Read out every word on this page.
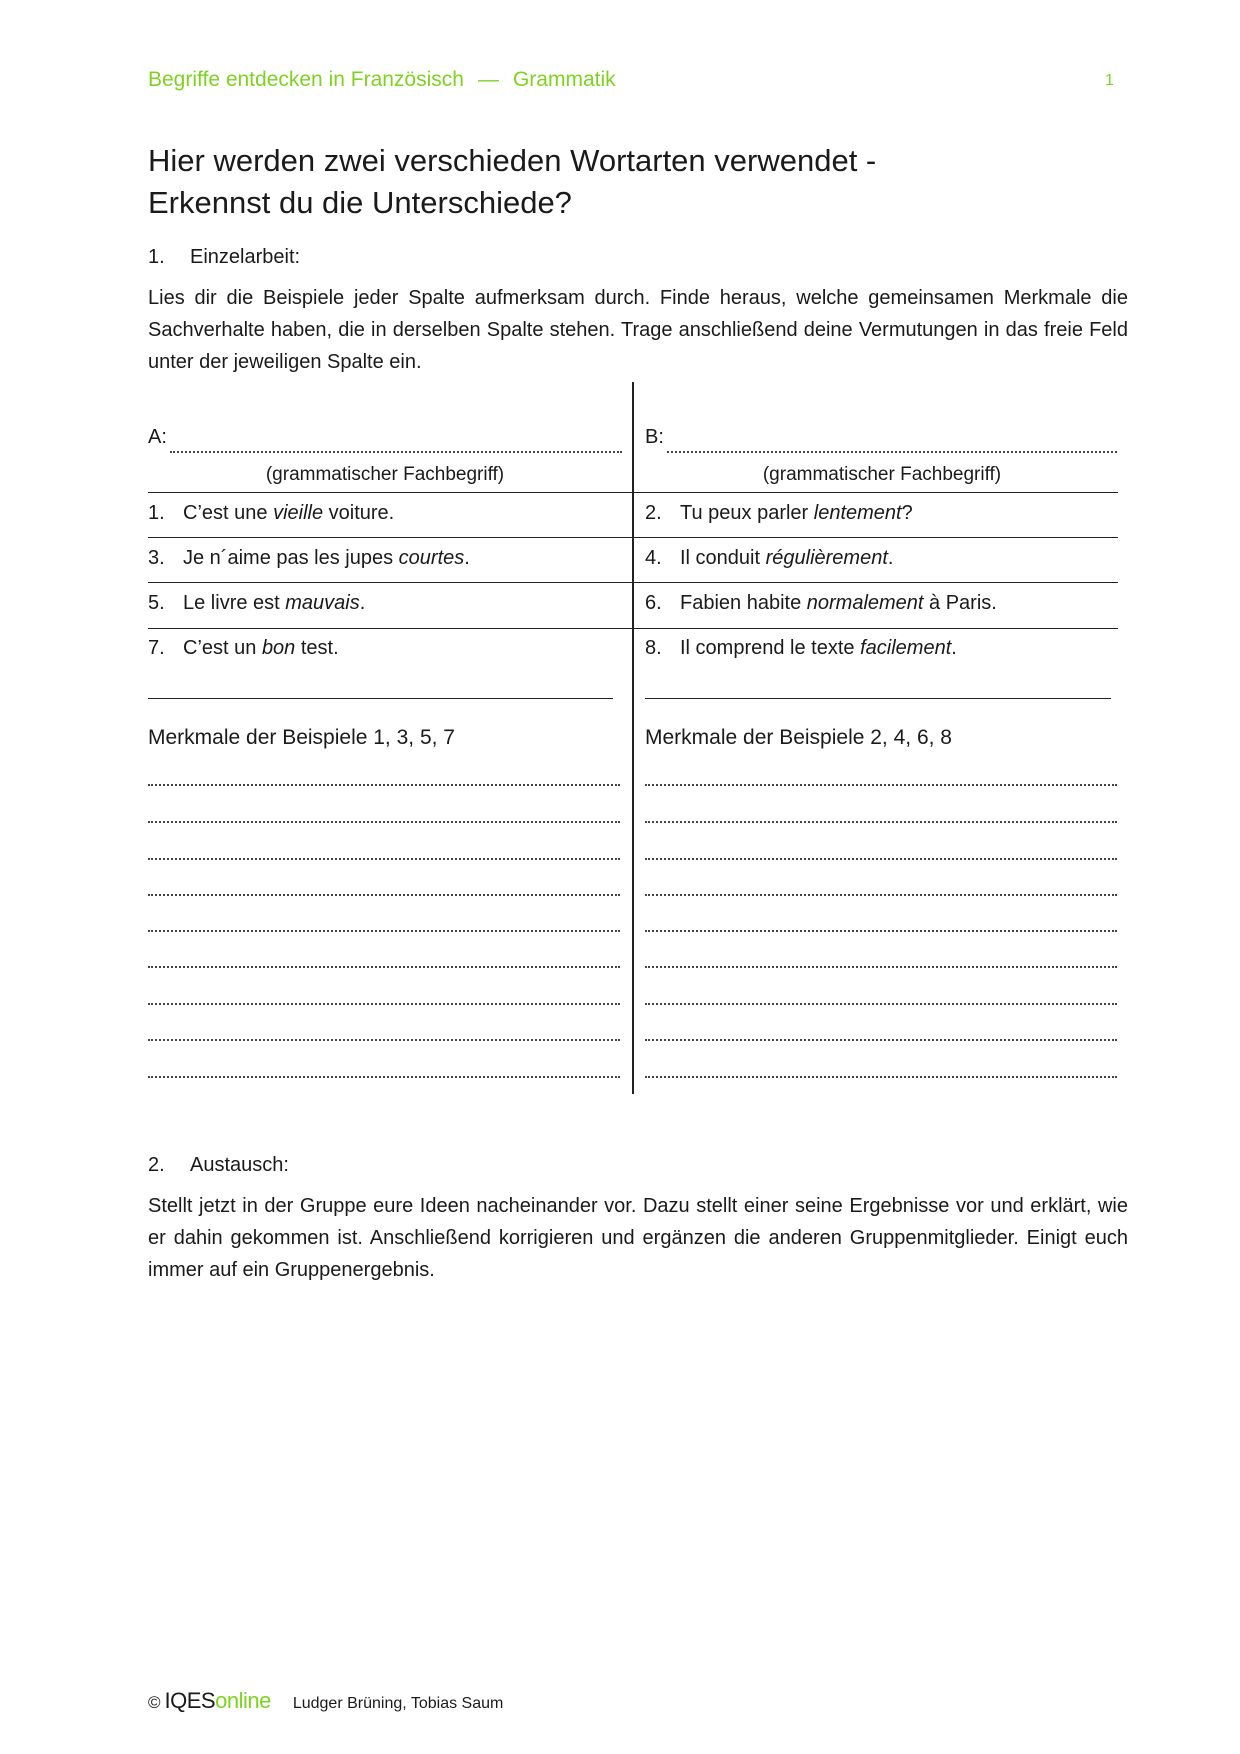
Begriffe entdecken in Französisch — Grammatik	1
Hier werden zwei verschieden Wortarten verwendet -
Erkennst du die Unterschiede?
1. Einzelarbeit:
Lies dir die Beispiele jeder Spalte aufmerksam durch. Finde heraus, welche gemeinsamen Merkmale die Sachverhalte haben, die in derselben Spalte stehen. Trage anschließend deine Vermutungen in das freie Feld unter der jeweiligen Spalte ein.
A:
(grammatischer Fachbegriff)
B:
(grammatischer Fachbegriff)
1. C’est une vieille voiture.
3. Je n´aime pas les jupes courtes.
5. Le livre est mauvais.
7. C’est un bon test.
2. Tu peux parler lentement?
4. Il conduit régulièrement.
6. Fabien habite normalement à Paris.
8. Il comprend le texte facilement.
Merkmale der Beispiele 1, 3, 5, 7	Merkmale der Beispiele 2, 4, 6, 8
2. Austausch:
Stellt jetzt in der Gruppe eure Ideen nacheinander vor. Dazu stellt einer seine Ergebnisse vor und erklärt, wie er dahin gekommen ist. Anschließend korrigieren und ergänzen die anderen Gruppenmitglieder. Einigt euch immer auf ein Gruppenergebnis.
© IQES online Ludger Brüning, Tobias Saum
